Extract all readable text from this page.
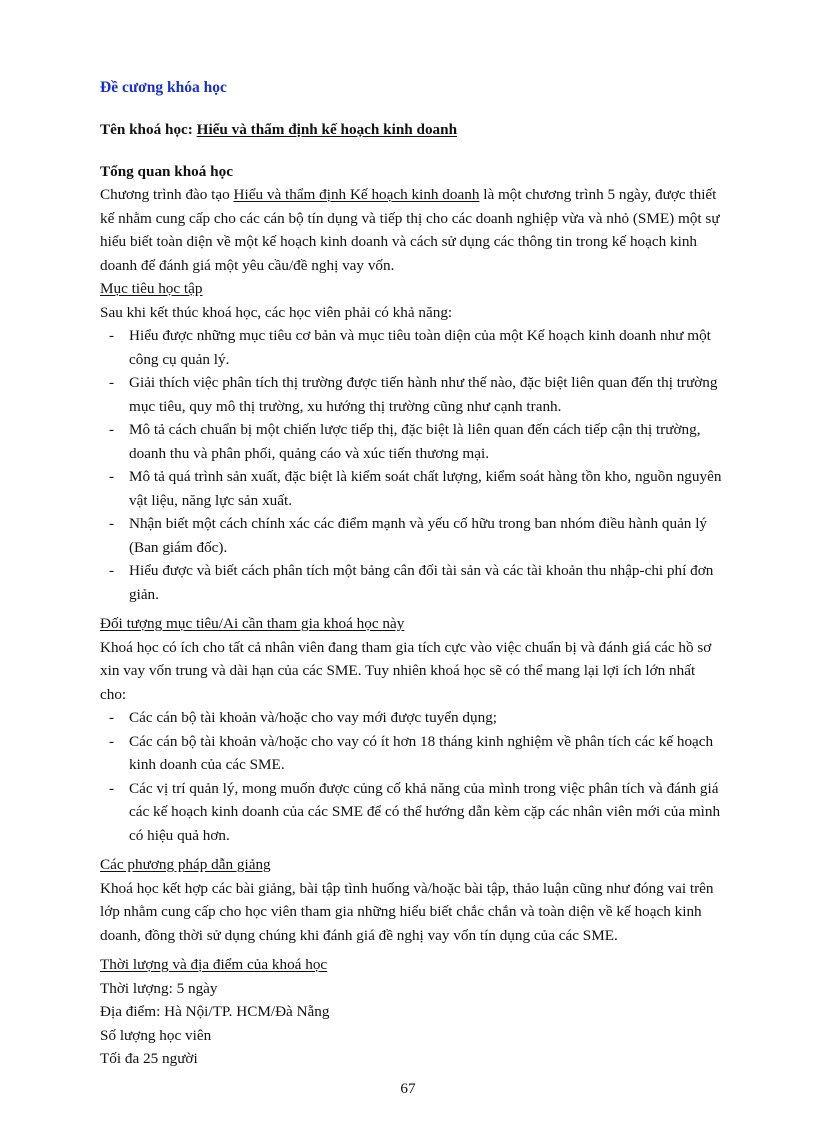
Đề cương khóa học
Tên khoá học: Hiểu và thẩm định kế hoạch kinh doanh
Tổng quan khoá học

Chương trình đào tạo Hiểu và thẩm định Kế hoạch kinh doanh là một chương trình 5 ngày, được thiết kế nhằm cung cấp cho các cán bộ tín dụng và tiếp thị cho các doanh nghiệp vừa và nhỏ (SME) một sự hiểu biết toàn diện về một kế hoạch kinh doanh và cách sử dụng các thông tin trong kế hoạch kinh doanh để đánh giá một yêu cầu/đề nghị vay vốn.

Mục tiêu học tập

Sau khi kết thúc khoá học, các học viên phải có khả năng:

- Hiểu được những mục tiêu cơ bản và mục tiêu toàn diện của một Kế hoạch kinh doanh như một công cụ quản lý.
- Giải thích việc phân tích thị trường được tiến hành như thế nào, đặc biệt liên quan đến thị trường mục tiêu, quy mô thị trường, xu hướng thị trường cũng như cạnh tranh.
- Mô tả cách chuẩn bị một chiến lược tiếp thị, đặc biệt là liên quan đến cách tiếp cận thị trường, doanh thu và phân phối, quảng cáo và xúc tiến thương mại.
- Mô tả quá trình sản xuất, đặc biệt là kiểm soát chất lượng, kiểm soát hàng tồn kho, nguồn nguyên vật liệu, năng lực sản xuất.
- Nhận biết một cách chính xác các điểm mạnh và yếu cố hữu trong ban nhóm điều hành quản lý (Ban giám đốc).
- Hiểu được và biết cách phân tích một bảng cân đối tài sản và các tài khoản thu nhập-chi phí đơn giản.

Đối tượng mục tiêu/Ai cần tham gia khoá học này

Khoá học có ích cho tất cả nhân viên đang tham gia tích cực vào việc chuẩn bị và đánh giá các hồ sơ xin vay vốn trung và dài hạn của các SME. Tuy nhiên khoá học sẽ có thể mang lại lợi ích lớn nhất cho:

- Các cán bộ tài khoản và/hoặc cho vay mới được tuyển dụng;
- Các cán bộ tài khoản và/hoặc cho vay có ít hơn 18 tháng kinh nghiệm về phân tích các kế hoạch kinh doanh của các SME.
- Các vị trí quản lý, mong muốn được củng cố khả năng của mình trong việc phân tích và đánh giá các kế hoạch kinh doanh của các SME để có thể hướng dẫn kèm cặp các nhân viên mới của mình có hiệu quả hơn.

Các phương pháp dẫn giảng

Khoá học kết hợp các bài giảng, bài tập tình huống và/hoặc bài tập, thảo luận cũng như đóng vai trên lớp nhằm cung cấp cho học viên tham gia những hiểu biết chắc chắn và toàn diện về kế hoạch kinh doanh, đồng thời sử dụng chúng khi đánh giá đề nghị vay vốn tín dụng của các SME.

Thời lượng và địa điểm của khoá học

Thời lượng: 5 ngày

Địa điểm: Hà Nội/TP. HCM/Đà Nẵng

Số lượng học viên

Tối đa 25 người

67
